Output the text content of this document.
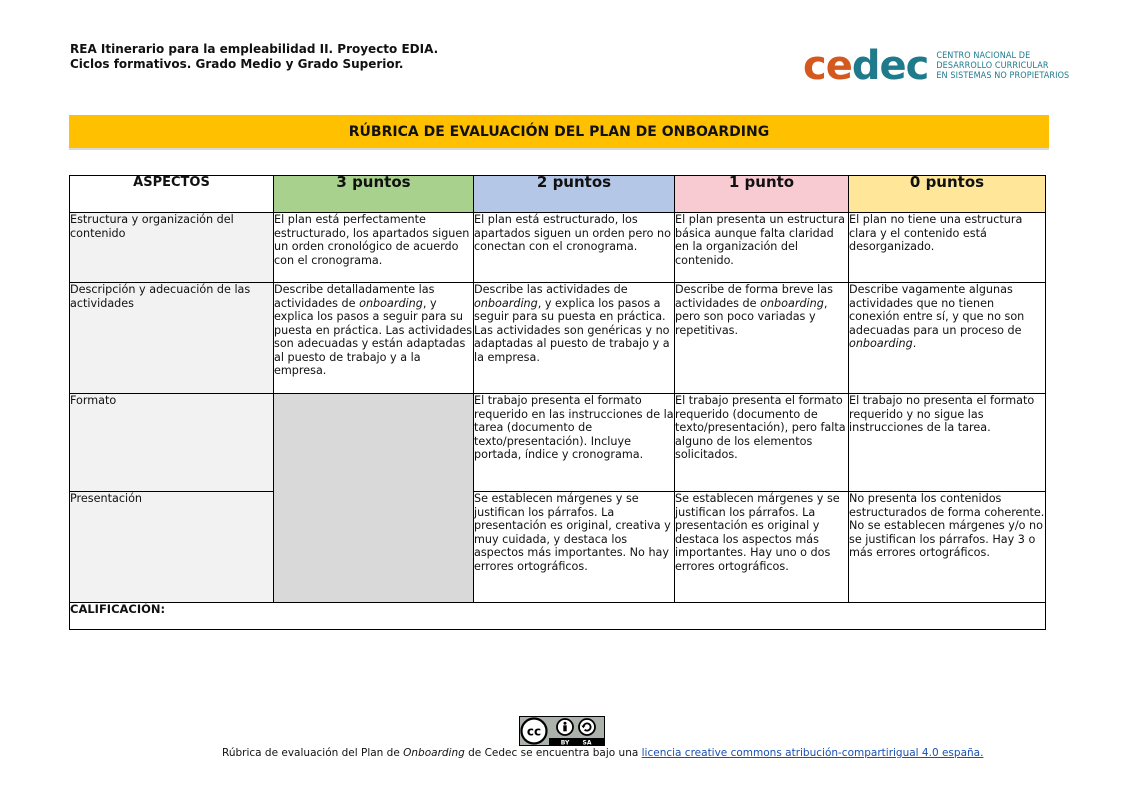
REA Itinerario para la empleabilidad II. Proyecto EDIA.
Ciclos formativos. Grado Medio y Grado Superior.	cedec CENTRO NACIONAL DE
DESARROLLO CURRICULAR
EN SISTEMAS NO PROPIETARIOS
RÚBRICA DE EVALUACIÓN DEL PLAN DE ONBOARDING
ASPECTOS	3 puntos	2 puntos	1 punto	0 puntos
Estructura y organización del contenido	El plan está perfectamente estructurado, los apartados siguen un orden cronológico de acuerdo con el cronograma.	El plan está estructurado, los apartados siguen un orden pero no conectan con el cronograma.	El plan presenta un estructura básica aunque falta claridad en la organización del contenido.	El plan no tiene una estructura clara y el contenido está desorganizado.
Descripción y adecuación de las actividades	Describe detalladamente las actividades de onboarding, y explica los pasos a seguir para su puesta en práctica. Las actividades son adecuadas y están adaptadas al puesto de trabajo y a la empresa.	Describe las actividades de onboarding, y explica los pasos a seguir para su puesta en práctica. Las actividades son genéricas y no adaptadas al puesto de trabajo y a la empresa.	Describe de forma breve las actividades de onboarding, pero son poco variadas y repetitivas.	Describe vagamente algunas actividades que no tienen conexión entre sí, y que no son adecuadas para un proceso de onboarding.
Formato		El trabajo presenta el formato requerido en las instrucciones de la tarea (documento de texto/presentación). Incluye portada, índice y cronograma.	El trabajo presenta el formato requerido (documento de texto/presentación), pero falta alguno de los elementos solicitados.	El trabajo no presenta el formato requerido y no sigue las instrucciones de la tarea.
Presentación		Se establecen márgenes y se justifican los párrafos. La presentación es original, creativa y muy cuidada, y destaca los aspectos más importantes. No hay errores ortográficos.	Se establecen márgenes y se justifican los párrafos. La presentación es original y destaca los aspectos más importantes. Hay uno o dos errores ortográficos.	No presenta los contenidos estructurados de forma coherente. No se establecen márgenes y/o no se justifican los párrafos. Hay 3 o más errores ortográficos.
CALIFICACIÓN:				
cc
BY SA
Rúbrica de evaluación del Plan de Onboarding de Cedec se encuentra bajo una licencia creative commons atribución-compartirigual 4.0 españa.
